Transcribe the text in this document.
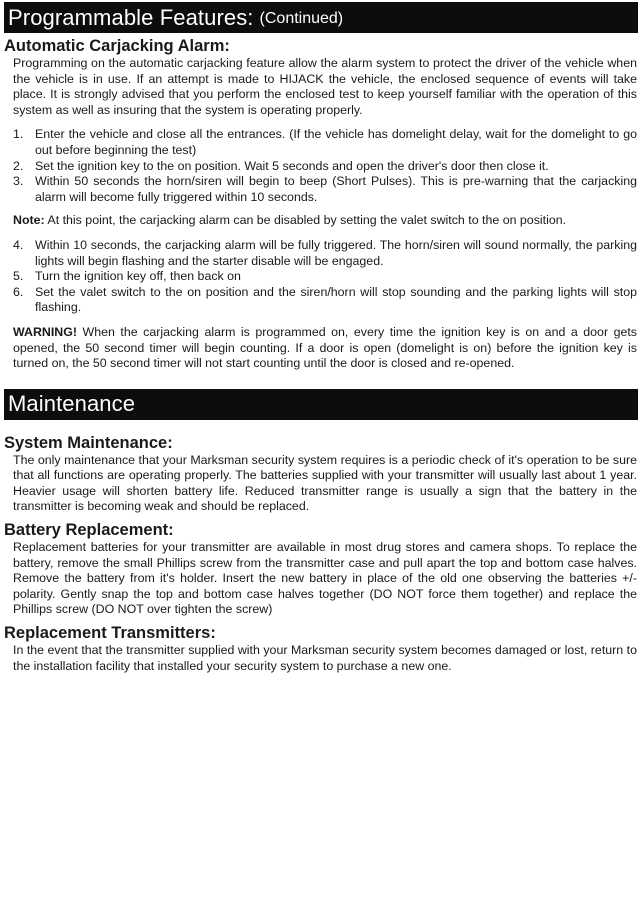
Programmable Features: (Continued)
Automatic Carjacking Alarm:

Programming on the automatic carjacking feature allow the alarm system to protect the driver of the vehicle when the vehicle is in use. If an attempt is made to HIJACK the vehicle, the enclosed sequence of events will take place. It is strongly advised that you perform the enclosed test to keep yourself familiar with the operation of this system as well as insuring that the system is operating properly.

1. Enter the vehicle and close all the entrances. (If the vehicle has domelight delay, wait for the domelight to go out before beginning the test)
2. Set the ignition key to the on position. Wait 5 seconds and open the driver's door then close it.
3. Within 50 seconds the horn/siren will begin to beep (Short Pulses). This is pre-warning that the carjacking alarm will become fully triggered within 10 seconds.

Note: At this point, the carjacking alarm can be disabled by setting the valet switch to the on position.

4. Within 10 seconds, the carjacking alarm will be fully triggered. The horn/siren will sound normally, the parking lights will begin flashing and the starter disable will be engaged.
5. Turn the ignition key off, then back on
6. Set the valet switch to the on position and the siren/horn will stop sounding and the parking lights will stop flashing.

WARNING! When the carjacking alarm is programmed on, every time the ignition key is on and a door gets opened, the 50 second timer will begin counting. If a door is open (domelight is on) before the ignition key is turned on, the 50 second timer will not start counting until the door is closed and re-opened.

Maintenance
System Maintenance:

The only maintenance that your Marksman security system requires is a periodic check of it's operation to be sure that all functions are operating properly. The batteries supplied with your transmitter will usually last about 1 year. Heavier usage will shorten battery life. Reduced transmitter range is usually a sign that the battery in the transmitter is becoming weak and should be replaced.

Battery Replacement:

Replacement batteries for your transmitter are available in most drug stores and camera shops. To replace the battery, remove the small Phillips screw from the transmitter case and pull apart the top and bottom case halves. Remove the battery from it's holder. Insert the new battery in place of the old one observing the batteries +/- polarity. Gently snap the top and bottom case halves together (DO NOT force them together) and replace the Phillips screw (DO NOT over tighten the screw)

Replacement Transmitters:

In the event that the transmitter supplied with your Marksman security system becomes damaged or lost, return to the installation facility that installed your security system to purchase a new one.
